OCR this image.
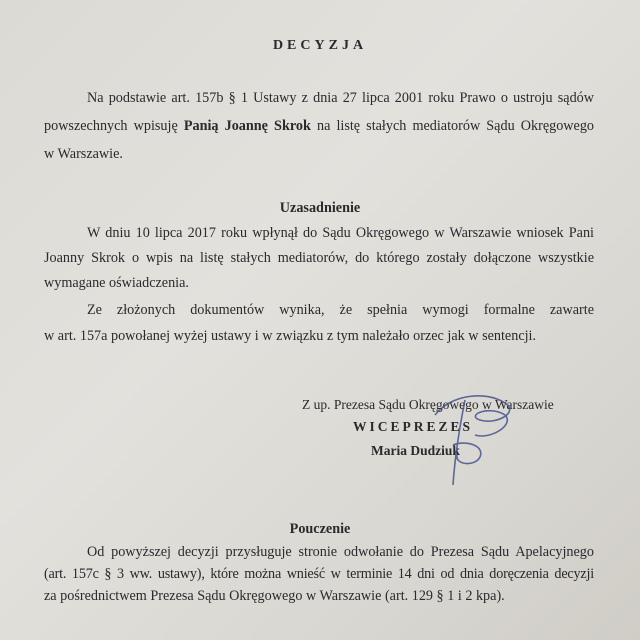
DECYZJA
Na podstawie art. 157b § 1 Ustawy z dnia 27 lipca 2001 roku Prawo o ustroju sądów
powszechnych wpisuję Panią Joannę Skrok na listę stałych mediatorów Sądu Okręgowego
w Warszawie.
Uzasadnienie
W dniu 10 lipca 2017 roku wpłynął do Sądu Okręgowego w Warszawie wniosek Pani
Joanny Skrok o wpis na listę stałych mediatorów, do którego zostały dołączone wszystkie
wymagane oświadczenia.
Ze złożonych dokumentów wynika, że spełnia wymogi formalne zawarte
w art. 157a powołanej wyżej ustawy i w związku z tym należało orzec jak w sentencji.
Z up. Prezesa Sądu Okręgowego w Warszawie
WICEPREZES
Maria Dudziuk
Pouczenie
Od powyższej decyzji przysługuje stronie odwołanie do Prezesa Sądu Apelacyjnego
(art. 157c § 3 ww. ustawy), które można wnieść w terminie 14 dni od dnia doręczenia decyzji
za pośrednictwem Prezesa Sądu Okręgowego w Warszawie (art. 129 § 1 i 2 kpa).
